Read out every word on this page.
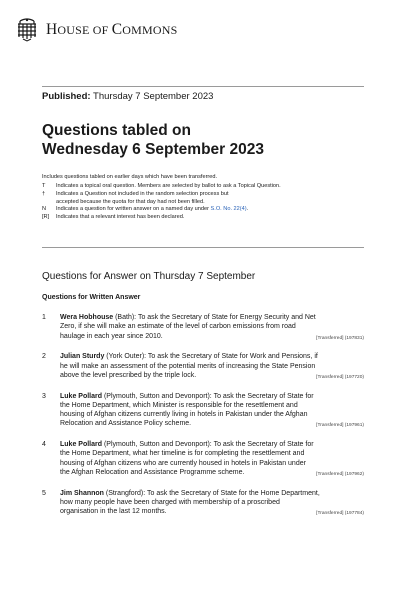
HOUSE OF COMMONS
Published: Thursday 7 September 2023
Questions tabled on
Wednesday 6 September 2023
Includes questions tabled on earlier days which have been transferred.
T	Indicates a topical oral question. Members are selected by ballot to ask a Topical Question.
†	Indicates a Question not included in the random selection process but
accepted because the quota for that day had not been filled.
N	Indicates a question for written answer on a named day under S.O. No. 22(4).
[R]	Indicates that a relevant interest has been declared.
Questions for Answer on Thursday 7 September
Questions for Written Answer
1	Wera Hobhouse (Bath): To ask the Secretary of State for Energy Security and Net
Zero, if she will make an estimate of the level of carbon emissions from road
haulage in each year since 2010.	[Transferred] (197831)
2	Julian Sturdy (York Outer): To ask the Secretary of State for Work and Pensions, if
he will make an assessment of the potential merits of increasing the State Pension
above the level prescribed by the triple lock.	[Transferred] (197720)
3	Luke Pollard (Plymouth, Sutton and Devonport): To ask the Secretary of State for
the Home Department, which Minister is responsible for the resettlement and
housing of Afghan citizens currently living in hotels in Pakistan under the Afghan
Relocation and Assistance Policy scheme.	[Transferred] (197961)
4	Luke Pollard (Plymouth, Sutton and Devonport): To ask the Secretary of State for
the Home Department, what her timeline is for completing the resettlement and
housing of Afghan citizens who are currently housed in hotels in Pakistan under
the Afghan Relocation and Assistance Programme scheme.	[Transferred] (197962)
5	Jim Shannon (Strangford): To ask the Secretary of State for the Home Department,
how many people have been charged with membership of a proscribed
organisation in the last 12 months.	[Transferred] (197784)
